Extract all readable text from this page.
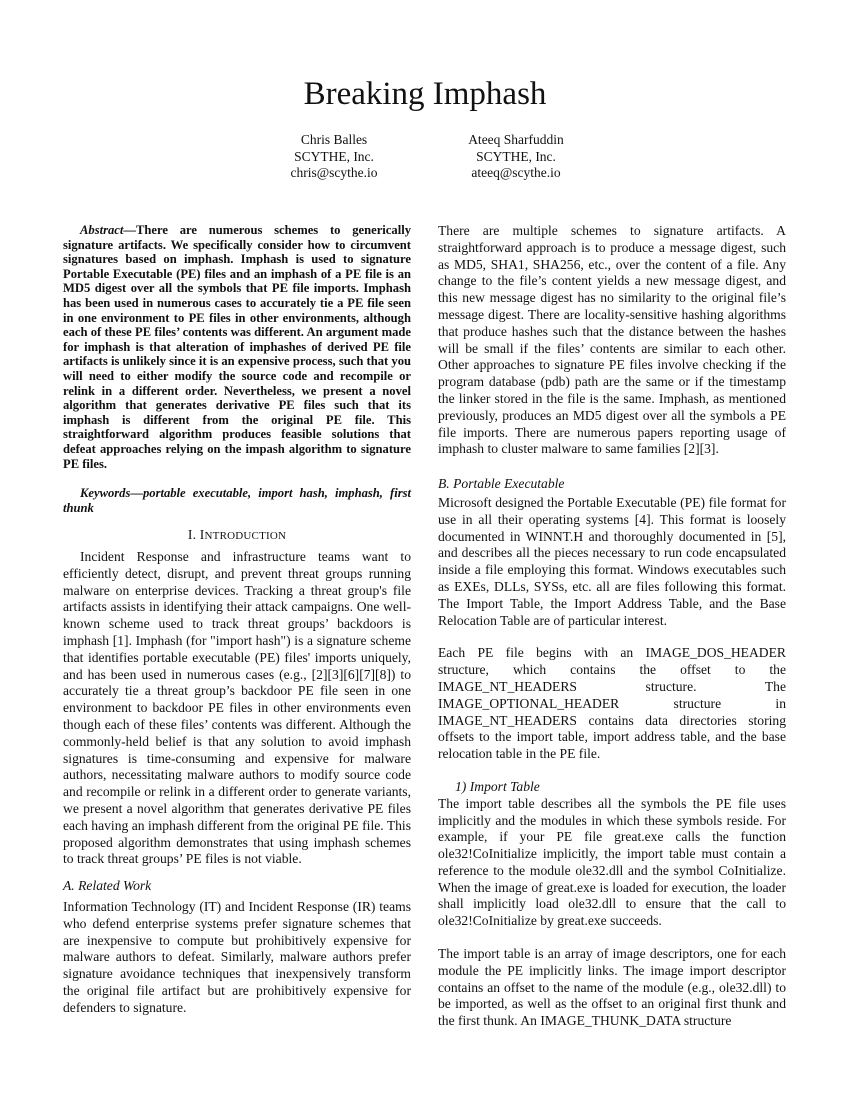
Breaking Imphash
Chris Balles
SCYTHE, Inc.
chris@scythe.io
Ateeq Sharfuddin
SCYTHE, Inc.
ateeq@scythe.io

Abstract—There are numerous schemes to generically signature artifacts. We specifically consider how to circumvent signatures based on imphash. Imphash is used to signature Portable Executable (PE) files and an imphash of a PE file is an MD5 digest over all the symbols that PE file imports. Imphash has been used in numerous cases to accurately tie a PE file seen in one environment to PE files in other environments, although each of these PE files’ contents was different. An argument made for imphash is that alteration of imphashes of derived PE file artifacts is unlikely since it is an expensive process, such that you will need to either modify the source code and recompile or relink in a different order. Nevertheless, we present a novel algorithm that generates derivative PE files such that its imphash is different from the original PE file. This straightforward algorithm produces feasible solutions that defeat approaches relying on the impash algorithm to signature PE files.

Keywords—portable executable, import hash, imphash, first thunk

I. INTRODUCTION

Incident Response and infrastructure teams want to efficiently detect, disrupt, and prevent threat groups running malware on enterprise devices. Tracking a threat group's file artifacts assists in identifying their attack campaigns. One well-known scheme used to track threat groups’ backdoors is imphash [1]. Imphash (for "import hash") is a signature scheme that identifies portable executable (PE) files' imports uniquely, and has been used in numerous cases (e.g., [2][3][6][7][8]) to accurately tie a threat group’s backdoor PE file seen in one environment to backdoor PE files in other environments even though each of these files’ contents was different. Although the commonly-held belief is that any solution to avoid imphash signatures is time-consuming and expensive for malware authors, necessitating malware authors to modify source code and recompile or relink in a different order to generate variants, we present a novel algorithm that generates derivative PE files each having an imphash different from the original PE file. This proposed algorithm demonstrates that using imphash schemes to track threat groups’ PE files is not viable.

A. Related Work

Information Technology (IT) and Incident Response (IR) teams who defend enterprise systems prefer signature schemes that are inexpensive to compute but prohibitively expensive for malware authors to defeat. Similarly, malware authors prefer signature avoidance techniques that inexpensively transform the original file artifact but are prohibitively expensive for defenders to signature.

There are multiple schemes to signature artifacts. A straightforward approach is to produce a message digest, such as MD5, SHA1, SHA256, etc., over the content of a file. Any change to the file’s content yields a new message digest, and this new message digest has no similarity to the original file’s message digest. There are locality-sensitive hashing algorithms that produce hashes such that the distance between the hashes will be small if the files’ contents are similar to each other. Other approaches to signature PE files involve checking if the program database (pdb) path are the same or if the timestamp the linker stored in the file is the same. Imphash, as mentioned previously, produces an MD5 digest over all the symbols a PE file imports. There are numerous papers reporting usage of imphash to cluster malware to same families [2][3].

B. Portable Executable

Microsoft designed the Portable Executable (PE) file format for use in all their operating systems [4]. This format is loosely documented in WINNT.H and thoroughly documented in [5], and describes all the pieces necessary to run code encapsulated inside a file employing this format. Windows executables such as EXEs, DLLs, SYSs, etc. all are files following this format. The Import Table, the Import Address Table, and the Base Relocation Table are of particular interest.

Each PE file begins with an IMAGE_DOS_HEADER structure, which contains the offset to the IMAGE_NT_HEADERS structure. The IMAGE_OPTIONAL_HEADER structure in IMAGE_NT_HEADERS contains data directories storing offsets to the import table, import address table, and the base relocation table in the PE file.

1) Import Table

The import table describes all the symbols the PE file uses implicitly and the modules in which these symbols reside. For example, if your PE file great.exe calls the function ole32!CoInitialize implicitly, the import table must contain a reference to the module ole32.dll and the symbol CoInitialize. When the image of great.exe is loaded for execution, the loader shall implicitly load ole32.dll to ensure that the call to ole32!CoInitialize by great.exe succeeds.

The import table is an array of image descriptors, one for each module the PE implicitly links. The image import descriptor contains an offset to the name of the module (e.g., ole32.dll) to be imported, as well as the offset to an original first thunk and the first thunk. An IMAGE_THUNK_DATA structure
